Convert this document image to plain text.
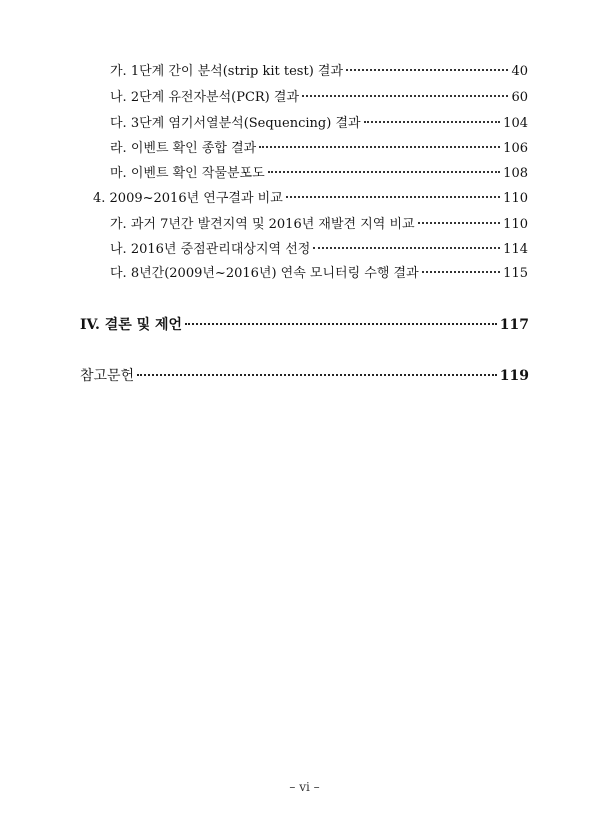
가. 1단계 간이 분석(strip kit test) 결과	40
나. 2단계 유전자분석(PCR) 결과	60
다. 3단계 염기서열분석(Sequencing) 결과	104
라. 이벤트 확인 종합 결과	106
마. 이벤트 확인 작물분포도	108
4. 2009~2016년 연구결과 비교	110
가. 과거 7년간 발견지역 및 2016년 재발견 지역 비교	110
나. 2016년 중점관리대상지역 선정	114
다. 8년간(2009년~2016년) 연속 모니터링 수행 결과	115
IV. 결론 및 제언	117
참고문헌	119
– vi –
